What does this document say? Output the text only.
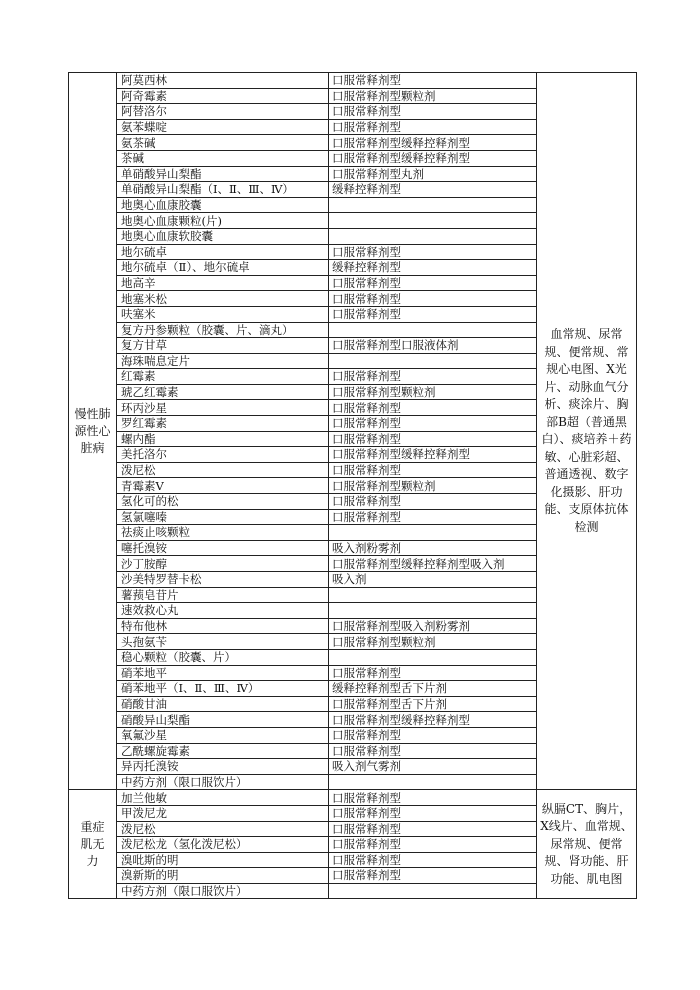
慢性肺源性心脏病	阿莫西林	口服常释剂型	血常规、尿常规、便常规、常规心电图、X光片、动脉血气分析、痰涂片、胸部B超（普通黑白）、痰培养＋药敏、心脏彩超、普通透视、数字化摄影、肝功能、支原体抗体检测
	阿奇霉素	口服常释剂型颗粒剂	
	阿替洛尔	口服常释剂型	
	氨苯蝶啶	口服常释剂型	
	氨茶碱	口服常释剂型缓释控释剂型	
	茶碱	口服常释剂型缓释控释剂型	
	单硝酸异山梨酯	口服常释剂型丸剂	
	单硝酸异山梨酯（Ⅰ、Ⅱ、Ⅲ、Ⅳ）	缓释控释剂型	
	地奥心血康胶囊		
	地奥心血康颗粒(片)		
	地奥心血康软胶囊		
	地尔硫卓	口服常释剂型	
	地尔硫卓（Ⅱ）、地尔硫卓	缓释控释剂型	
	地高辛	口服常释剂型	
	地塞米松	口服常释剂型	
	呋塞米	口服常释剂型	
	复方丹参颗粒（胶囊、片、滴丸）		
	复方甘草	口服常释剂型口服液体剂	
	海珠喘息定片		
	红霉素	口服常释剂型	
	琥乙红霉素	口服常释剂型颗粒剂	
	环丙沙星	口服常释剂型	
	罗红霉素	口服常释剂型	
	螺内酯	口服常释剂型	
	美托洛尔	口服常释剂型缓释控释剂型	
	泼尼松	口服常释剂型	
	青霉素V	口服常释剂型颗粒剂	
	氢化可的松	口服常释剂型	
	氢氯噻嗪	口服常释剂型	
	祛痰止咳颗粒		
	噻托溴铵	吸入剂粉雾剂	
	沙丁胺醇	口服常释剂型缓释控释剂型吸入剂	
	沙美特罗替卡松	吸入剂	
	薯蓣皂苷片		
	速效救心丸		
	特布他林	口服常释剂型吸入剂粉雾剂	
	头孢氨苄	口服常释剂型颗粒剂	
	稳心颗粒（胶囊、片）		
	硝苯地平	口服常释剂型	
	硝苯地平（Ⅰ、Ⅱ、Ⅲ、Ⅳ）	缓释控释剂型舌下片剂	
	硝酸甘油	口服常释剂型舌下片剂	
	硝酸异山梨酯	口服常释剂型缓释控释剂型	
	氧氟沙星	口服常释剂型	
	乙酰螺旋霉素	口服常释剂型	
	异丙托溴铵	吸入剂气雾剂	
	中药方剂（限口服饮片）		
重症肌无力	加兰他敏	口服常释剂型	纵膈CT、胸片，X线片、血常规、尿常规、便常规、肾功能、肝功能、肌电图
	甲泼尼龙	口服常释剂型	
	泼尼松	口服常释剂型	
	泼尼松龙（氢化泼尼松）	口服常释剂型	
	溴吡斯的明	口服常释剂型	
	溴新斯的明	口服常释剂型	
	中药方剂（限口服饮片）		
